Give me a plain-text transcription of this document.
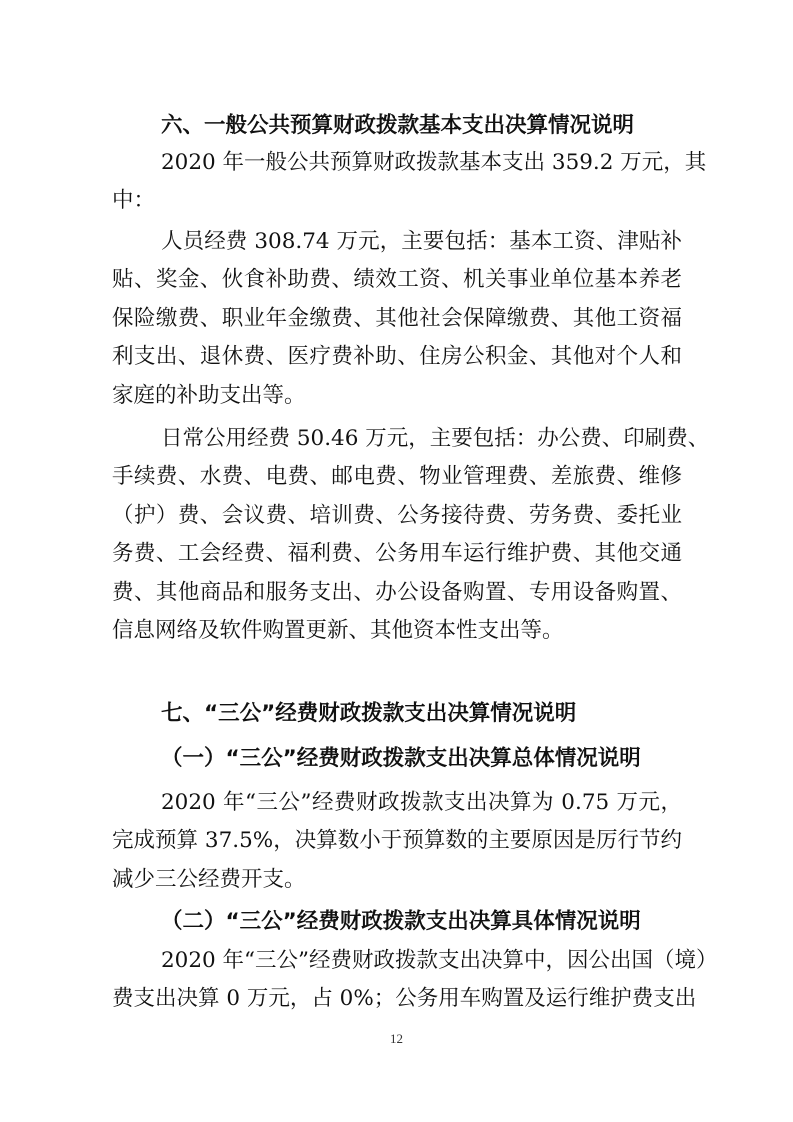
六、一般公共预算财政拨款基本支出决算情况说明
2020 年一般公共预算财政拨款基本支出 359.2 万元，其
中：
人员经费 308.74 万元，主要包括：基本工资、津贴补
贴、奖金、伙食补助费、绩效工资、机关事业单位基本养老
保险缴费、职业年金缴费、其他社会保障缴费、其他工资福
利支出、退休费、医疗费补助、住房公积金、其他对个人和
家庭的补助支出等。
日常公用经费 50.46 万元，主要包括：办公费、印刷费、
手续费、水费、电费、邮电费、物业管理费、差旅费、维修
（护）费、会议费、培训费、公务接待费、劳务费、委托业
务费、工会经费、福利费、公务用车运行维护费、其他交通
费、其他商品和服务支出、办公设备购置、专用设备购置、
信息网络及软件购置更新、其他资本性支出等。
七、“三公”经费财政拨款支出决算情况说明
（一）“三公”经费财政拨款支出决算总体情况说明
2020 年“三公”经费财政拨款支出决算为 0.75 万元，
完成预算 37.5%，决算数小于预算数的主要原因是厉行节约
减少三公经费开支。
（二）“三公”经费财政拨款支出决算具体情况说明
2020 年“三公”经费财政拨款支出决算中，因公出国（境）
费支出决算 0 万元，占 0%；公务用车购置及运行维护费支出
12
